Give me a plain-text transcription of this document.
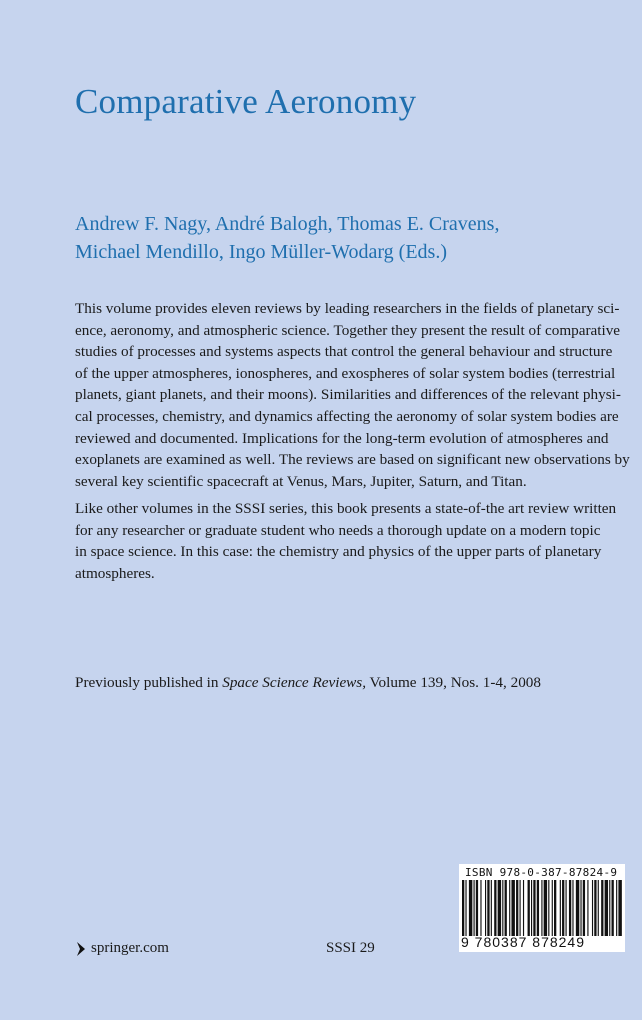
Comparative Aeronomy
Andrew F. Nagy, André Balogh, Thomas E. Cravens,
Michael Mendillo, Ingo Müller-Wodarg (Eds.)

This volume provides eleven reviews by leading researchers in the fields of planetary sci-
ence, aeronomy, and atmospheric science. Together they present the result of comparative
studies of processes and systems aspects that control the general behaviour and structure
of the upper atmospheres, ionospheres, and exospheres of solar system bodies (terrestrial
planets, giant planets, and their moons). Similarities and differences of the relevant physi-
cal processes, chemistry, and dynamics affecting the aeronomy of solar system bodies are
reviewed and documented. Implications for the long-term evolution of atmospheres and
exoplanets are examined as well. The reviews are based on significant new observations by
several key scientific spacecraft at Venus, Mars, Jupiter, Saturn, and Titan.

Like other volumes in the SSSI series, this book presents a state-of-the art review written
for any researcher or graduate student who needs a thorough update on a modern topic
in space science. In this case: the chemistry and physics of the upper parts of planetary
atmospheres.

Previously published in Space Science Reviews, Volume 139, Nos. 1-4, 2008
springer.com	SSSI 29
ISBN 978-0-387-87824-9
9 780387 878249
